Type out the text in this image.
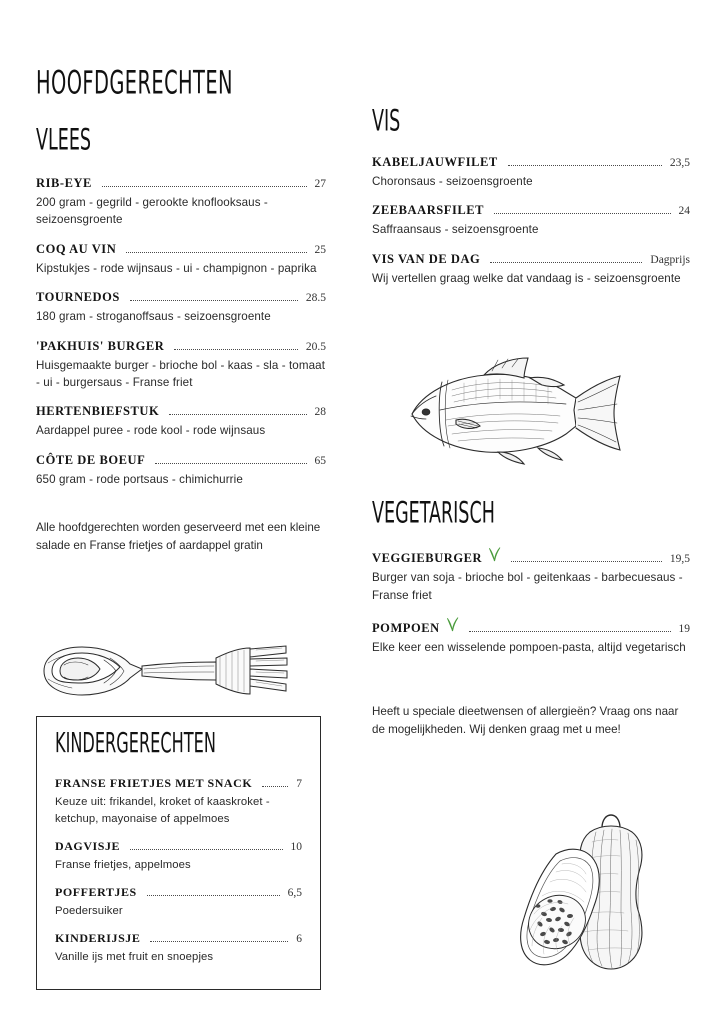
HOOFDGERECHTEN
VLEES
RIB-EYE	27
200 gram - gegrild - gerookte knoflooksaus - seizoensgroente
COQ AU VIN	25
Kipstukjes - rode wijnsaus - ui - champignon - paprika
TOURNEDOS	28.5
180 gram - stroganoffsaus - seizoensgroente
'PAKHUIS' BURGER	20.5
Huisgemaakte burger - brioche bol - kaas - sla - tomaat - ui - burgersaus - Franse friet
HERTENBIEFSTUK	28
Aardappel puree - rode kool - rode wijnsaus
CÔTE DE BOEUF	65
650 gram - rode portsaus - chimichurrie
Alle hoofdgerechten worden geserveerd met een kleine salade en Franse frietjes of aardappel gratin
VIS
KABELJAUWFILET	23,5
Choronsaus - seizoensgroente
ZEEBAARSFILET	24
Saffraansaus - seizoensgroente
VIS VAN DE DAG	Dagprijs
Wij vertellen graag welke dat vandaag is - seizoensgroente
VEGETARISCH
VEGGIEBURGER	19,5
Burger van soja - brioche bol - geitenkaas - barbecuesaus - Franse friet
POMPOEN	19
Elke keer een wisselende pompoen-pasta, altijd vegetarisch
Heeft u speciale dieetwensen of allergieën? Vraag ons naar de mogelijkheden. Wij denken graag met u mee!
KINDERGERECHTEN
FRANSE FRIETJES MET SNACK	7
Keuze uit: frikandel, kroket of kaaskroket - ketchup, mayonaise of appelmoes
DAGVISJE	10
Franse frietjes, appelmoes
POFFERTJES	6,5
Poedersuiker
KINDERIJSJE	6
Vanille ijs met fruit en snoepjes
